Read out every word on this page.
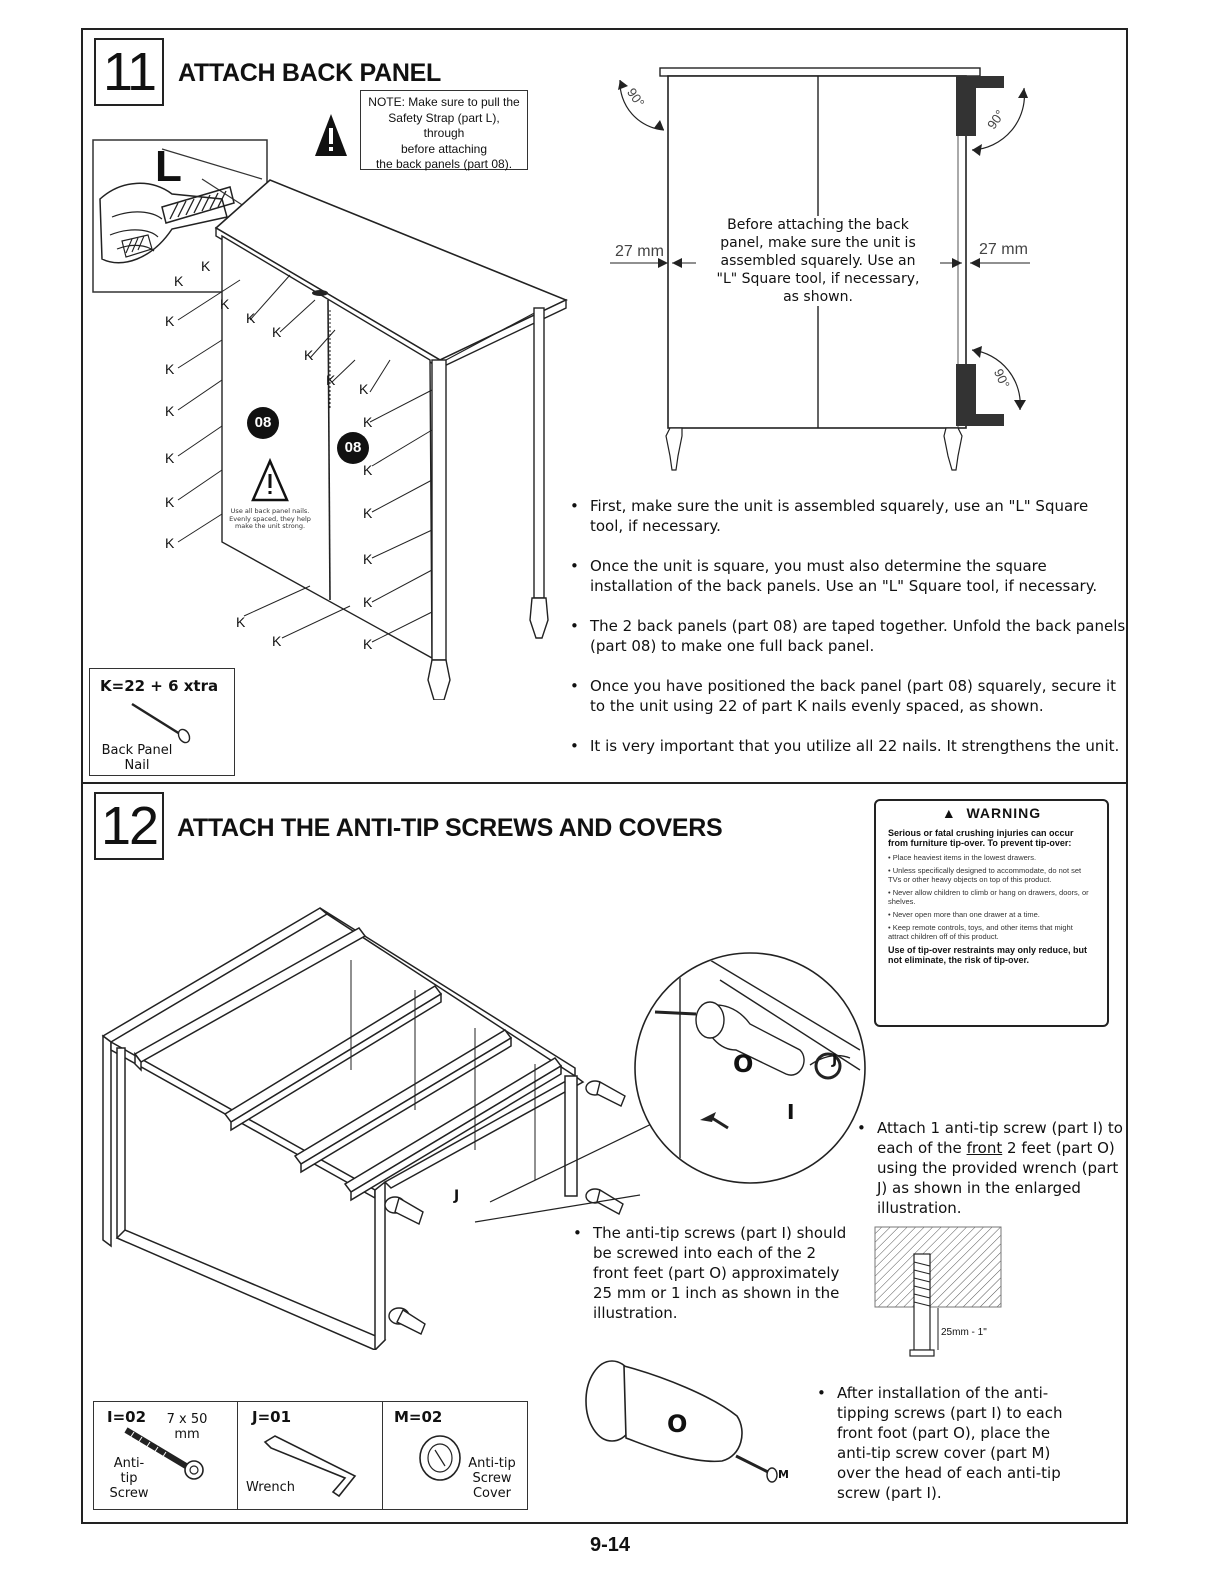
11 ATTACH BACK PANEL
NOTE: Make sure to pull the
Safety Strap (part L), through
before attaching
the back panels (part 08).
L
K
K
K
K	K
K
K
K
K
K
K
K
K
K
K
K
K
K
K
K
K	K
08
08
Use all back panel nails.
Evenly spaced, they help
make the unit strong.
K=22 + 6 xtra
Back Panel
Nail
27 mm	27 mm
90°
90°
90°
Before attaching the back
panel, make sure the unit is
assembled squarely. Use an
"L" Square tool, if necessary,
as shown.
• First, make sure the unit is assembled squarely, use an "L" Square tool, if necessary.
• Once the unit is square, you must also determine the square installation of the back panels. Use an "L" Square tool, if necessary.
• The 2 back panels (part 08) are taped together. Unfold the back panels (part 08) to make one full back panel.
• Once you have positioned the back panel (part 08) squarely, secure it to the unit using 22 of part K nails evenly spaced, as shown.
• It is very important that you utilize all 22 nails. It strengthens the unit.
12 ATTACH THE ANTI-TIP SCREWS AND COVERS
▲ WARNING
Serious or fatal crushing injuries can occur from furniture tip-over. To prevent tip-over:
• Place heaviest items in the lowest drawers.
• Unless specifically designed to accommodate, do not set TVs or other heavy objects on top of this product.
• Never allow children to climb or hang on drawers, doors, or shelves.
• Never open more than one drawer at a time.
• Keep remote controls, toys, and other items that might attract children off of this product.
Use of tip-over restraints may only reduce, but not eliminate, the risk of tip-over.
O
I
J
J
• Attach 1 anti-tip screw (part I) to each of the front 2 feet (part O) using the provided wrench (part J) as shown in the enlarged illustration.
• The anti-tip screws (part I) should be screwed into each of the 2 front feet (part O) approximately 25 mm or 1 inch as shown in the illustration.
25mm - 1"
O
M
• After installation of the anti-tipping screws (part I) to each front foot (part O), place the anti-tip screw cover (part M) over the head of each anti-tip screw (part I).
I=02	7 x 50
mm
Anti-
tip
Screw
J=01
Wrench
M=02
Anti-tip
Screw
Cover
9-14
